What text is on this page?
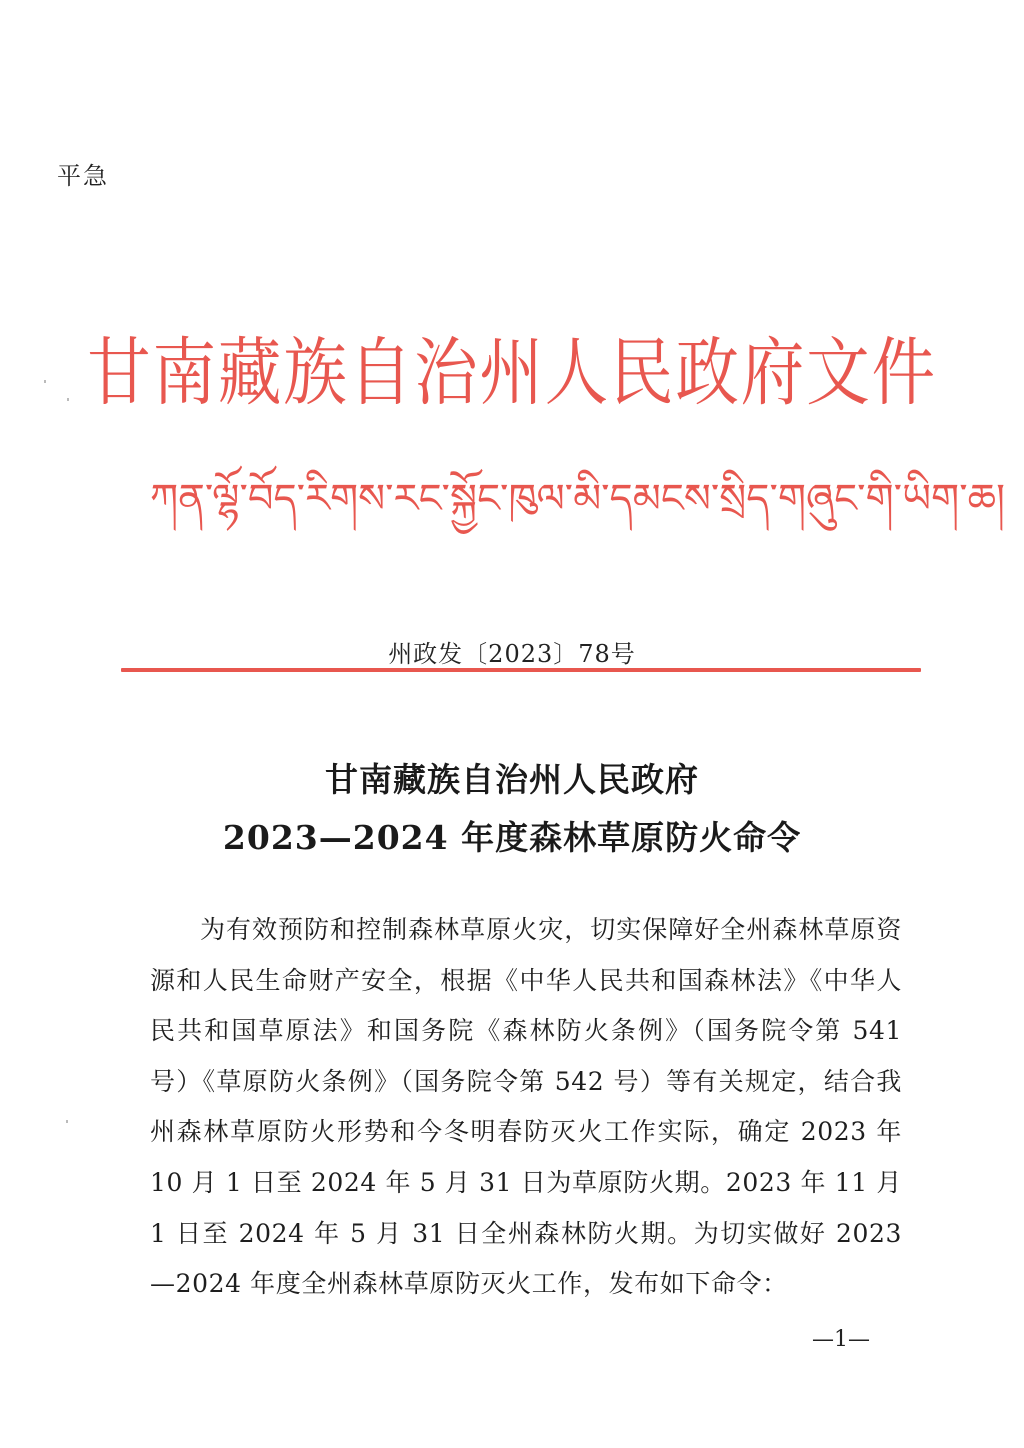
平急
甘南藏族自治州人民政府文件
ཀན་ལྷོ་བོད་རིགས་རང་སྐྱོང་ཁུལ་མི་དམངས་སྲིད་གཞུང་གི་ཡིག་ཆ།
州政发〔2023〕78号
甘南藏族自治州人民政府
2023—2024 年度森林草原防火命令

为有效预防和控制森林草原火灾，切实保障好全州森林草原资源和人民生命财产安全，根据《中华人民共和国森林法》《中华人民共和国草原法》和国务院《森林防火条例》（国务院令第 541 号）《草原防火条例》（国务院令第 542 号）等有关规定，结合我州森林草原防火形势和今冬明春防灭火工作实际，确定 2023 年 10 月 1 日至 2024 年 5 月 31 日为草原防火期。2023 年 11 月 1 日至 2024 年 5 月 31 日全州森林防火期。为切实做好 2023—2024 年度全州森林草原防灭火工作，发布如下命令：

—1—
